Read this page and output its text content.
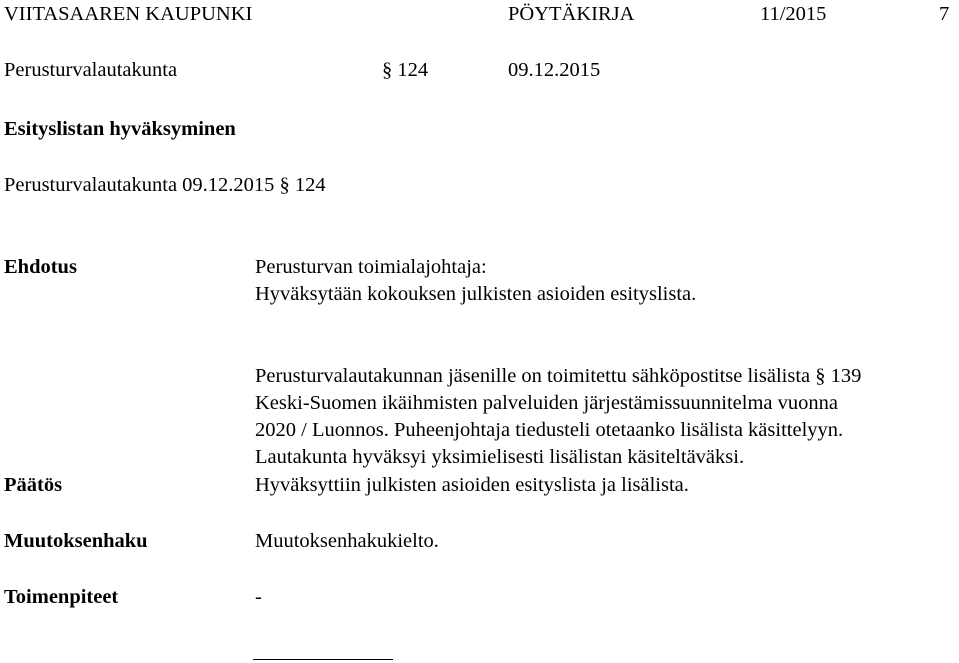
VIITASAAREN KAUPUNKI	PÖYTÄKIRJA	11/2015	7
Perusturvalautakunta	§ 124	09.12.2015
Esityslistan hyväksyminen
Perusturvalautakunta 09.12.2015 § 124
Ehdotus	Perusturvan toimialajohtaja:
Hyväksytään kokouksen julkisten asioiden esityslista.
Perusturvalautakunnan jäsenille on toimitettu sähköpostitse lisälista § 139
Keski-Suomen ikäihmisten palveluiden järjestämissuunnitelma vuonna
2020 / Luonnos. Puheenjohtaja tiedusteli otetaanko lisälista käsittelyyn.
Lautakunta hyväksyi yksimielisesti lisälistan käsiteltäväksi.
Päätös	Hyväksyttiin julkisten asioiden esityslista ja lisälista.
Muutoksenhaku	Muutoksenhakukielto.
Toimenpiteet	-
